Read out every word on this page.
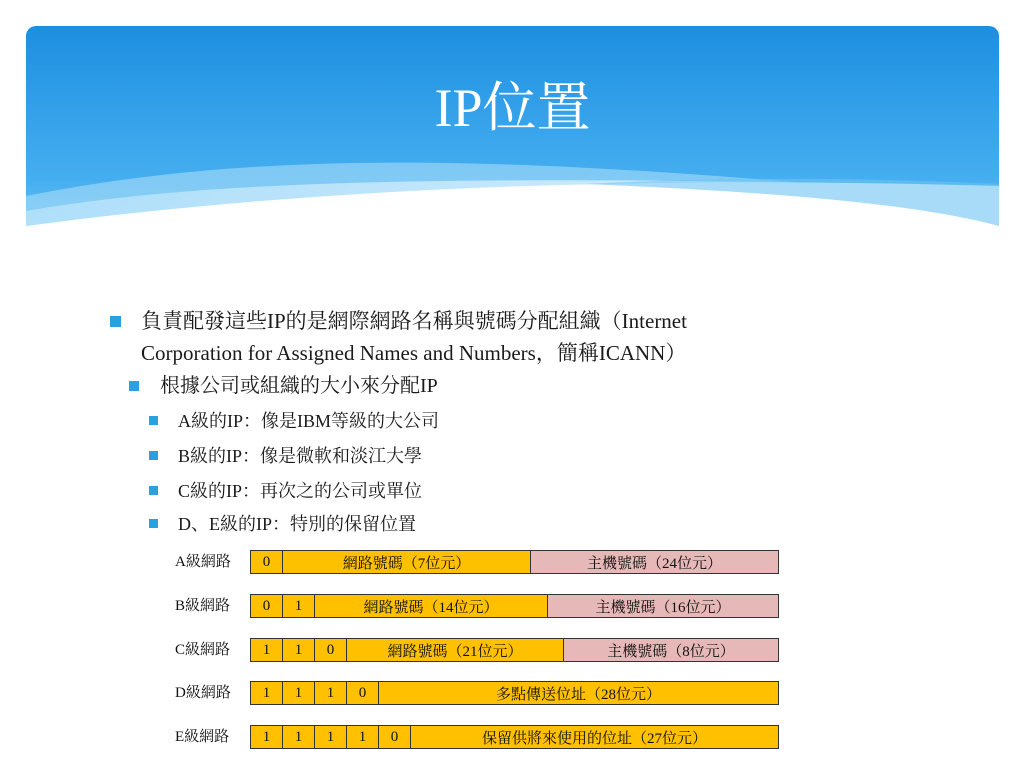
IP位置
負責配發這些IP的是網際網路名稱與號碼分配組織（Internet
Corporation for Assigned Names and Numbers，簡稱ICANN）
根據公司或組織的大小來分配IP
A級的IP：像是IBM等級的大公司
B級的IP：像是微軟和淡江大學
C級的IP：再次之的公司或單位
D、E級的IP：特別的保留位置
A級網路	0	網路號碼（7位元）	主機號碼（24位元）
B級網路	0	1	網路號碼（14位元）	主機號碼（16位元）
C級網路	1	1	0	網路號碼（21位元）	主機號碼（8位元）
D級網路	1	1	1	0	多點傳送位址（28位元）
E級網路	1	1	1	1	0	保留供將來使用的位址（27位元）
